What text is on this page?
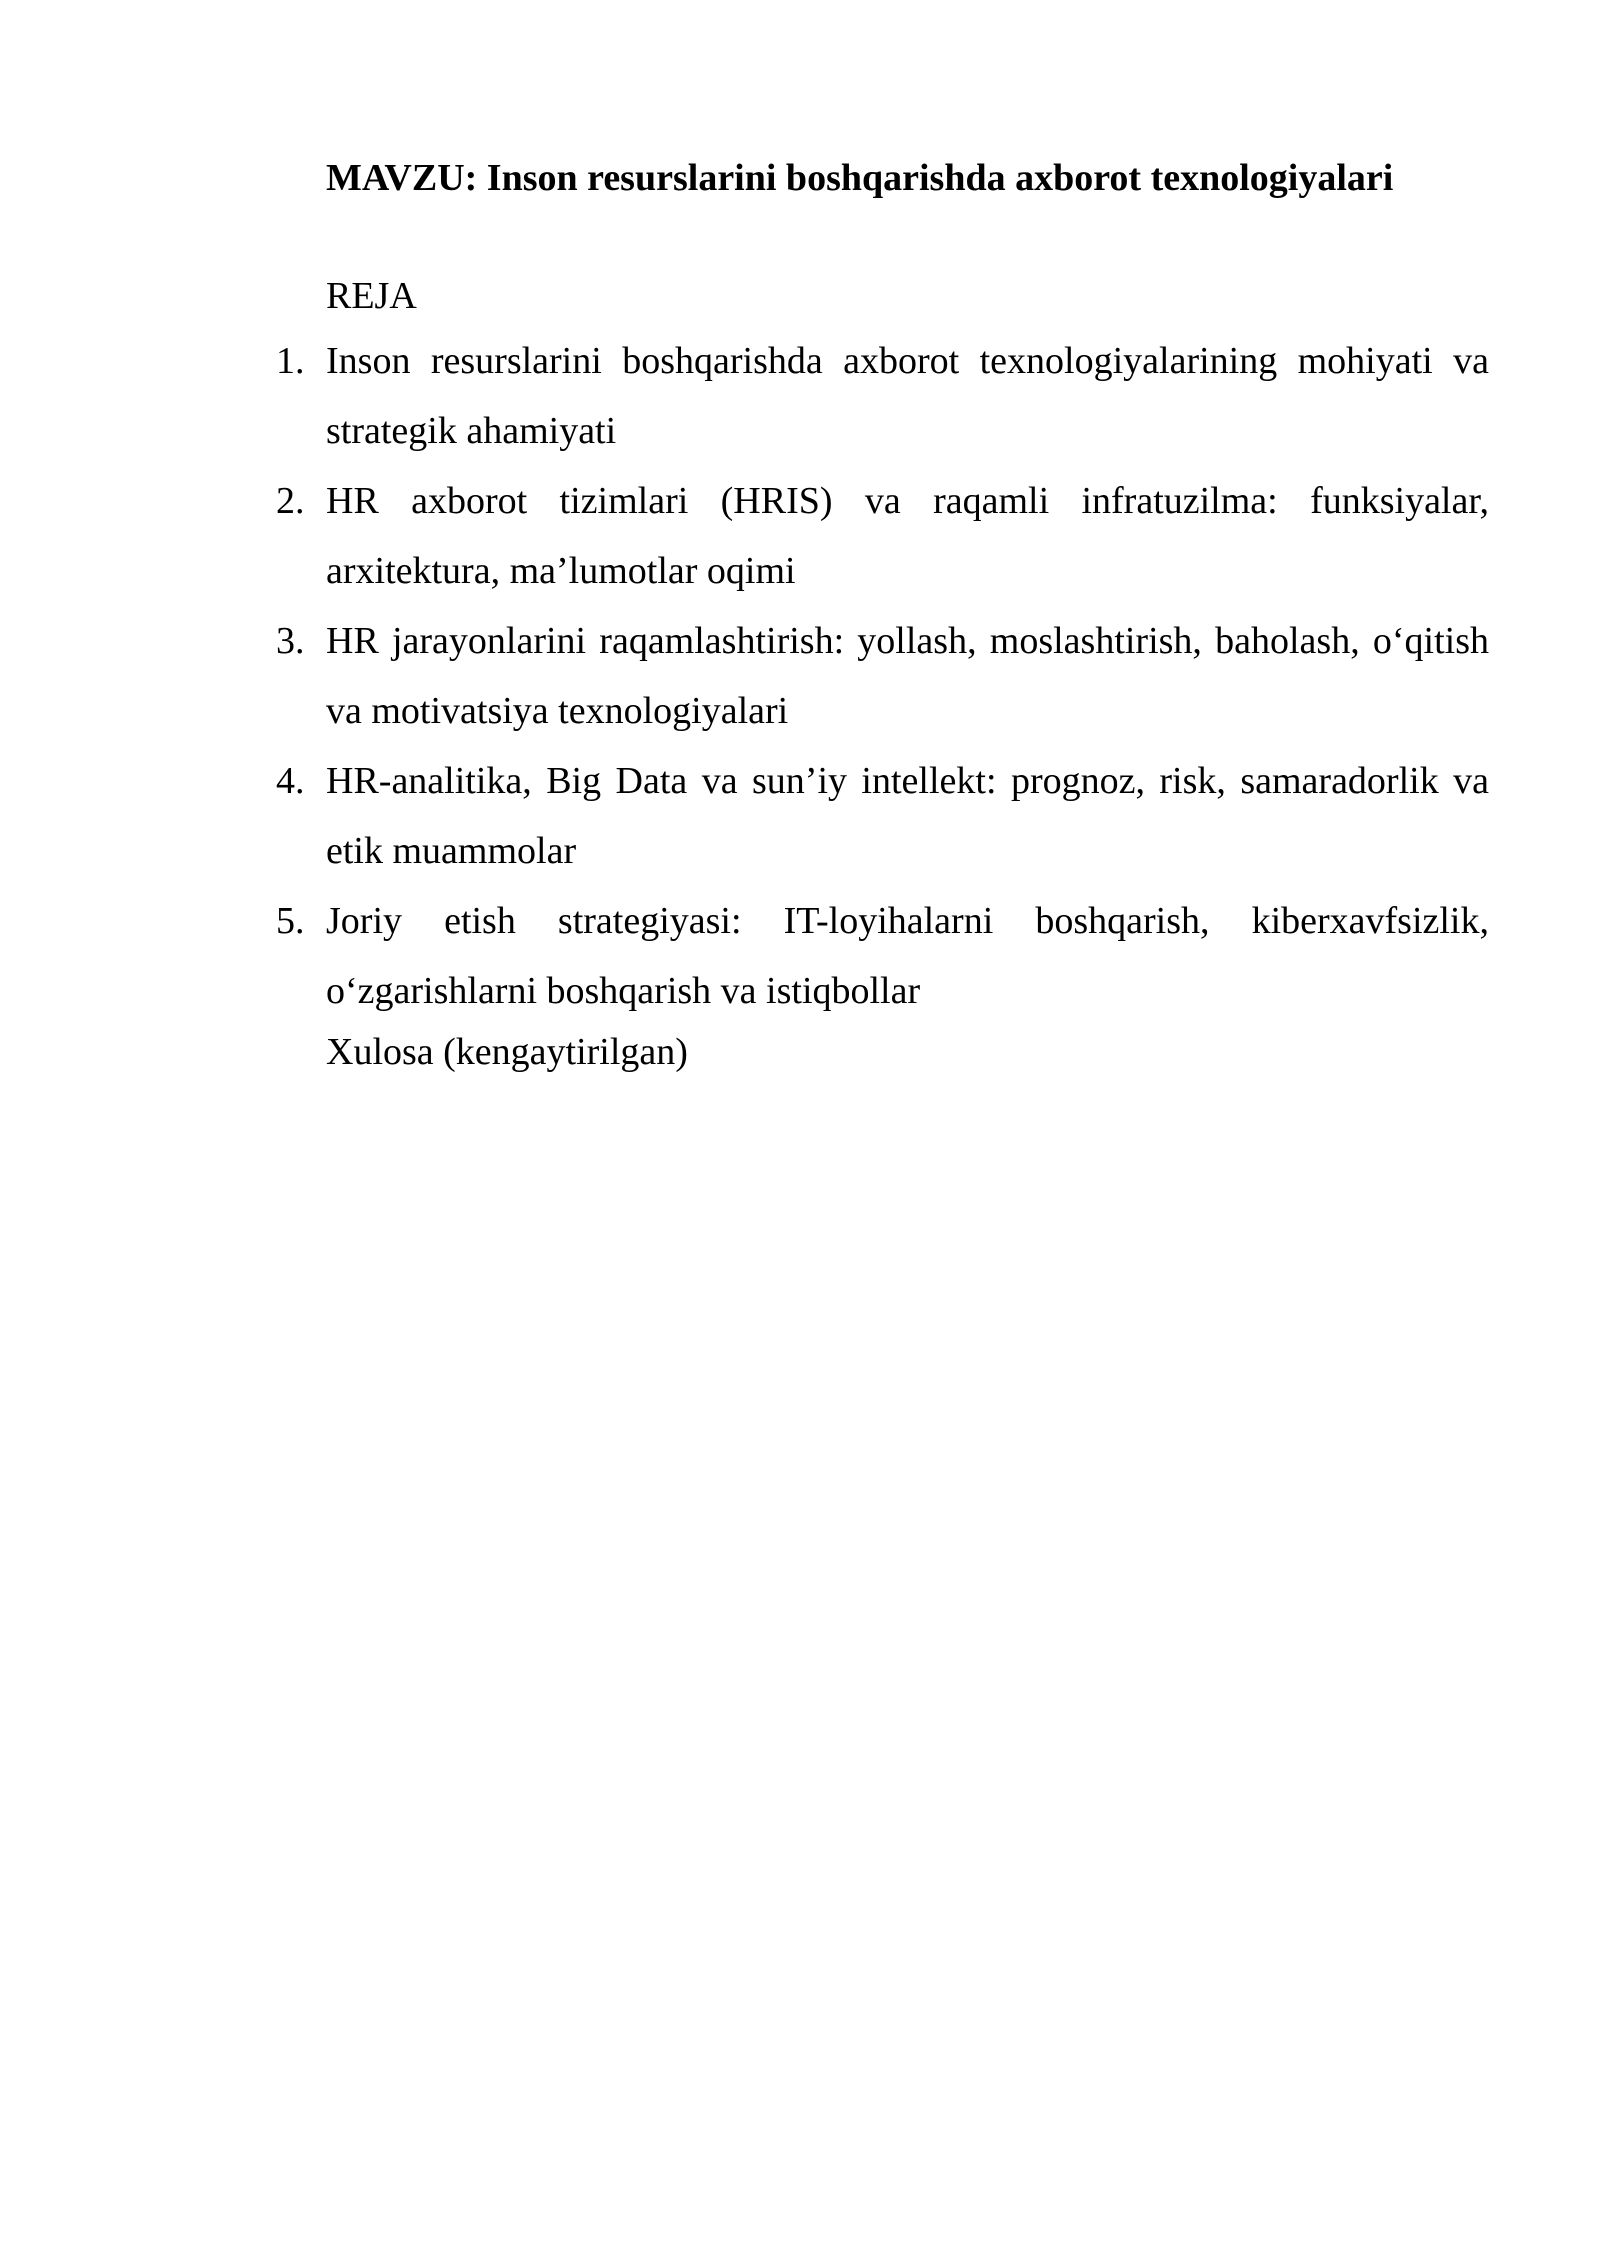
MAVZU: Inson resurslarini boshqarishda axborot texnologiyalari

REJA

1. Inson resurslarini boshqarishda axborot texnologiyalarining mohiyati va strategik ahamiyati
2. HR axborot tizimlari (HRIS) va raqamli infratuzilma: funksiyalar, arxitektura, ma’lumotlar oqimi
3. HR jarayonlarini raqamlashtirish: yollash, moslashtirish, baholash, o‘qitish va motivatsiya texnologiyalari
4. HR-analitika, Big Data va sun’iy intellekt: prognoz, risk, samaradorlik va etik muammolar
5. Joriy etish strategiyasi: IT-loyihalarni boshqarish, kiberxavfsizlik, o‘zgarishlarni boshqarish va istiqbollar

Xulosa (kengaytirilgan)
